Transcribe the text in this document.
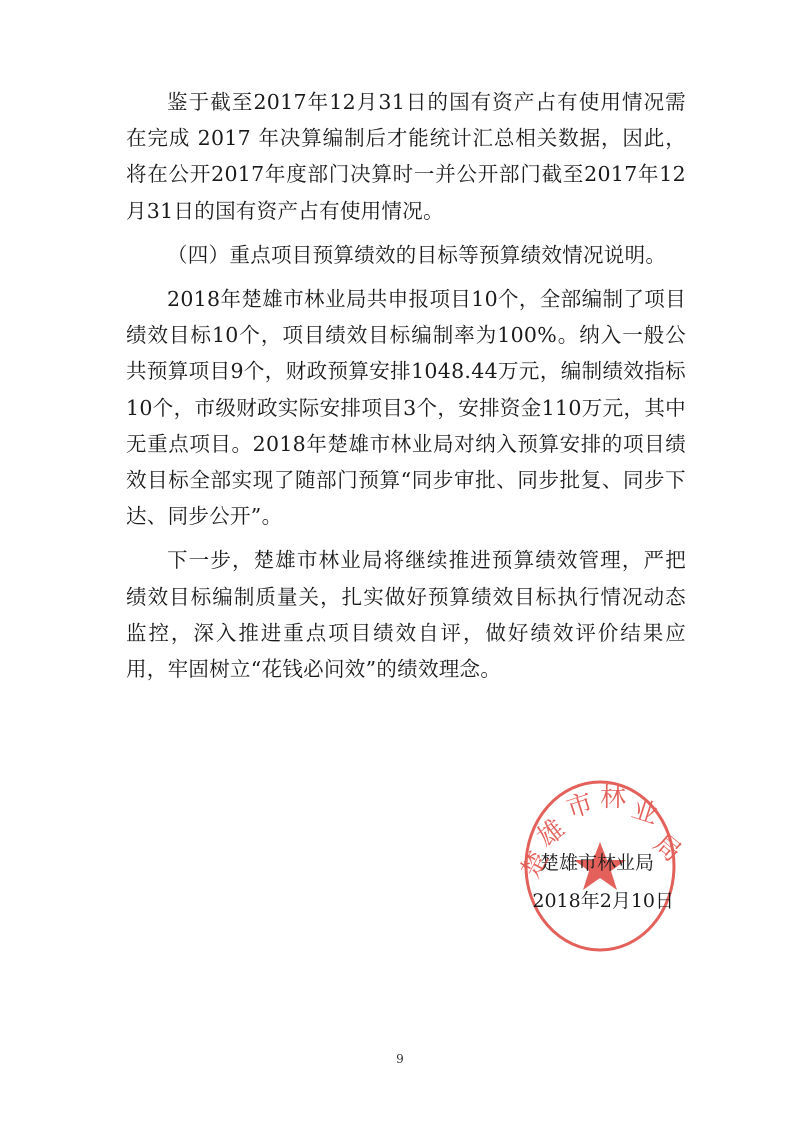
鉴于截至2017年12月31日的国有资产占有使用情况需在完成 2017 年决算编制后才能统计汇总相关数据，因此，将在公开2017年度部门决算时一并公开部门截至2017年12月31日的国有资产占有使用情况。

（四）重点项目预算绩效的目标等预算绩效情况说明。

2018年楚雄市林业局共申报项目10个，全部编制了项目绩效目标10个，项目绩效目标编制率为100%。纳入一般公共预算项目9个，财政预算安排1048.44万元，编制绩效指标10个，市级财政实际安排项目3个，安排资金110万元，其中无重点项目。2018年楚雄市林业局对纳入预算安排的项目绩效目标全部实现了随部门预算“同步审批、同步批复、同步下达、同步公开”。

下一步，楚雄市林业局将继续推进预算绩效管理，严把绩效目标编制质量关，扎实做好预算绩效目标执行情况动态监控，深入推进重点项目绩效自评，做好绩效评价结果应用，牢固树立“花钱必问效”的绩效理念。

雄
市 林 业
局
楚
楚雄市林业局
2018年2月10日
9
